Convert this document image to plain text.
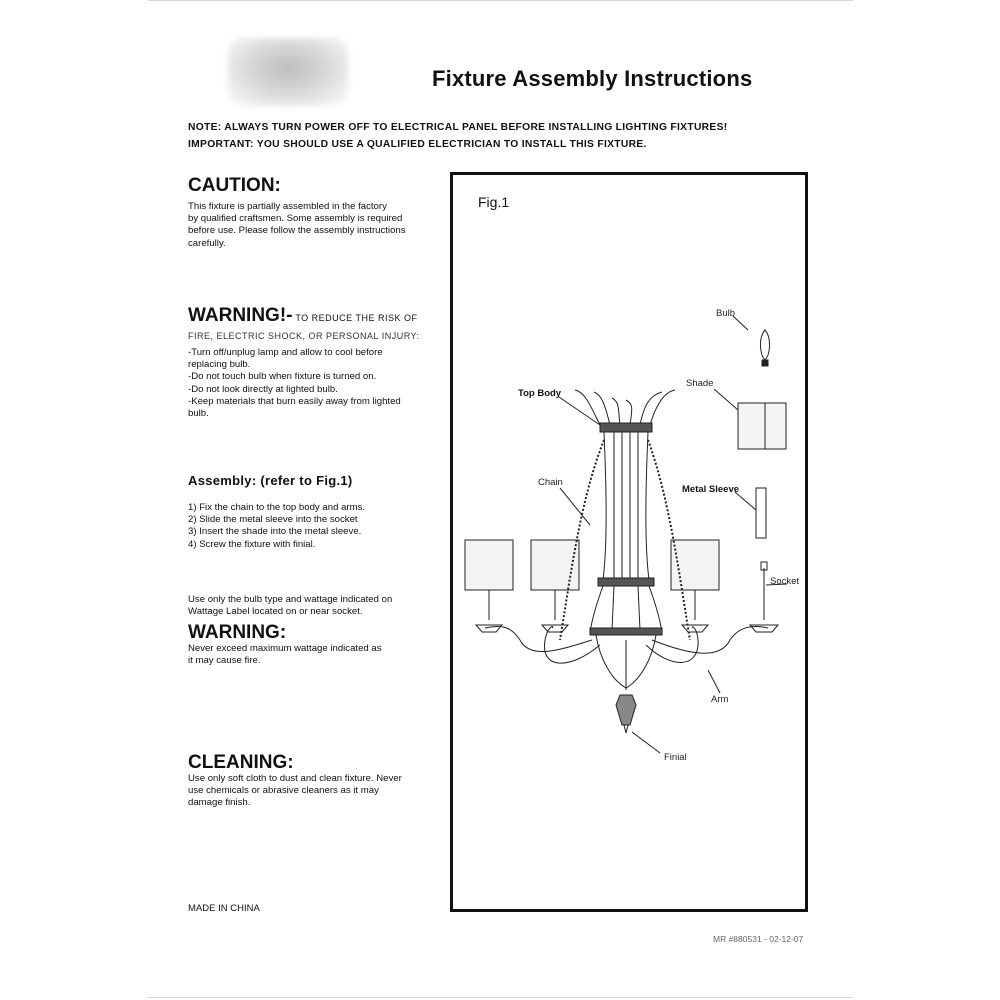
Fixture Assembly Instructions
NOTE: ALWAYS TURN POWER OFF TO ELECTRICAL PANEL BEFORE INSTALLING LIGHTING FIXTURES!
IMPORTANT: YOU SHOULD USE A QUALIFIED ELECTRICIAN TO INSTALL THIS FIXTURE.
CAUTION:
This fixture is partially assembled in the factory
by qualified craftsmen. Some assembly is required
before use. Please follow the assembly instructions
carefully.
WARNING!- TO REDUCE THE RISK OF
FIRE, ELECTRIC SHOCK, OR PERSONAL INJURY:
-Turn off/unplug lamp and allow to cool before
replacing bulb.
-Do not touch bulb when fixture is turned on.
-Do not look directly at lighted bulb.
-Keep materials that burn easily away from lighted
bulb.
Assembly: (refer to Fig.1)
1) Fix the chain to the top body and arms.
2) Slide the metal sleeve into the socket
3) Insert the shade into the metal sleeve.
4) Screw the fixture with finial.
Use only the bulb type and wattage indicated on
Wattage Label located on or near socket.
WARNING:
Never exceed maximum wattage indicated as
it may cause fire.
CLEANING:
Use only soft cloth to dust and clean fixture. Never
use chemicals or abrasive cleaners as it may
damage finish.
MADE IN CHINA
MR #880531 - 02-12-07
Fig.1
Bulb
Shade
Top Body
Chain
Metal Sleeve
Socket
Arm
Finial
